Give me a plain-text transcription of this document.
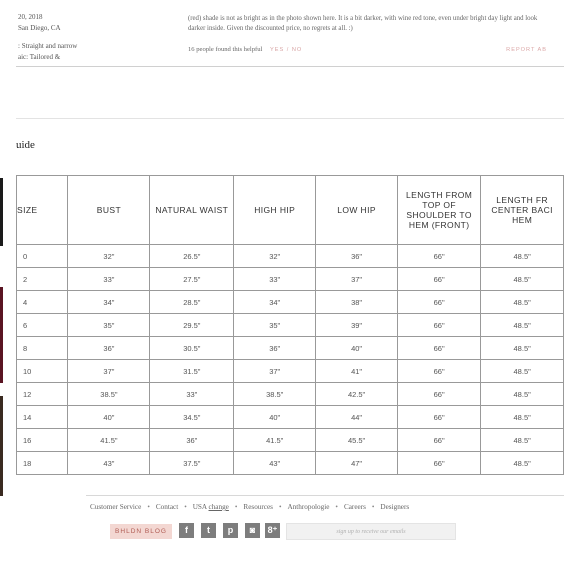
20, 2018
San Diego, CA
: Straight and narrow
aic: Tailored &
(red) shade is not as bright as in the photo shown here. It is a bit darker, with wine red tone, even under bright day light and look
darker inside. Given the discounted price, no regrets at all. :)
16 people found this helpful YES / NO	REPORT AB
uide
SIZE	BUST	NATURAL WAIST	HIGH HIP	LOW HIP	LENGTH FROM TOP OF SHOULDER TO HEM (FRONT)	LENGTH FR CENTER BACI HEM
0	32"	26.5"	32"	36"	66"	48.5"
2	33"	27.5"	33"	37"	66"	48.5"
4	34"	28.5"	34"	38"	66"	48.5"
6	35"	29.5"	35"	39"	66"	48.5"
8	36"	30.5"	36"	40"	66"	48.5"
10	37"	31.5"	37"	41"	66"	48.5"
12	38.5"	33"	38.5"	42.5"	66"	48.5"
14	40"	34.5"	40"	44"	66"	48.5"
16	41.5"	36"	41.5"	45.5"	66"	48.5"
18	43"	37.5"	43"	47"	66"	48.5"
Customer Service • Contact • USA change • Resources • Anthropologie • Careers • Designers
BHLDN BLOG	f	t	p	◙	8⁺	sign up to receive our emails
